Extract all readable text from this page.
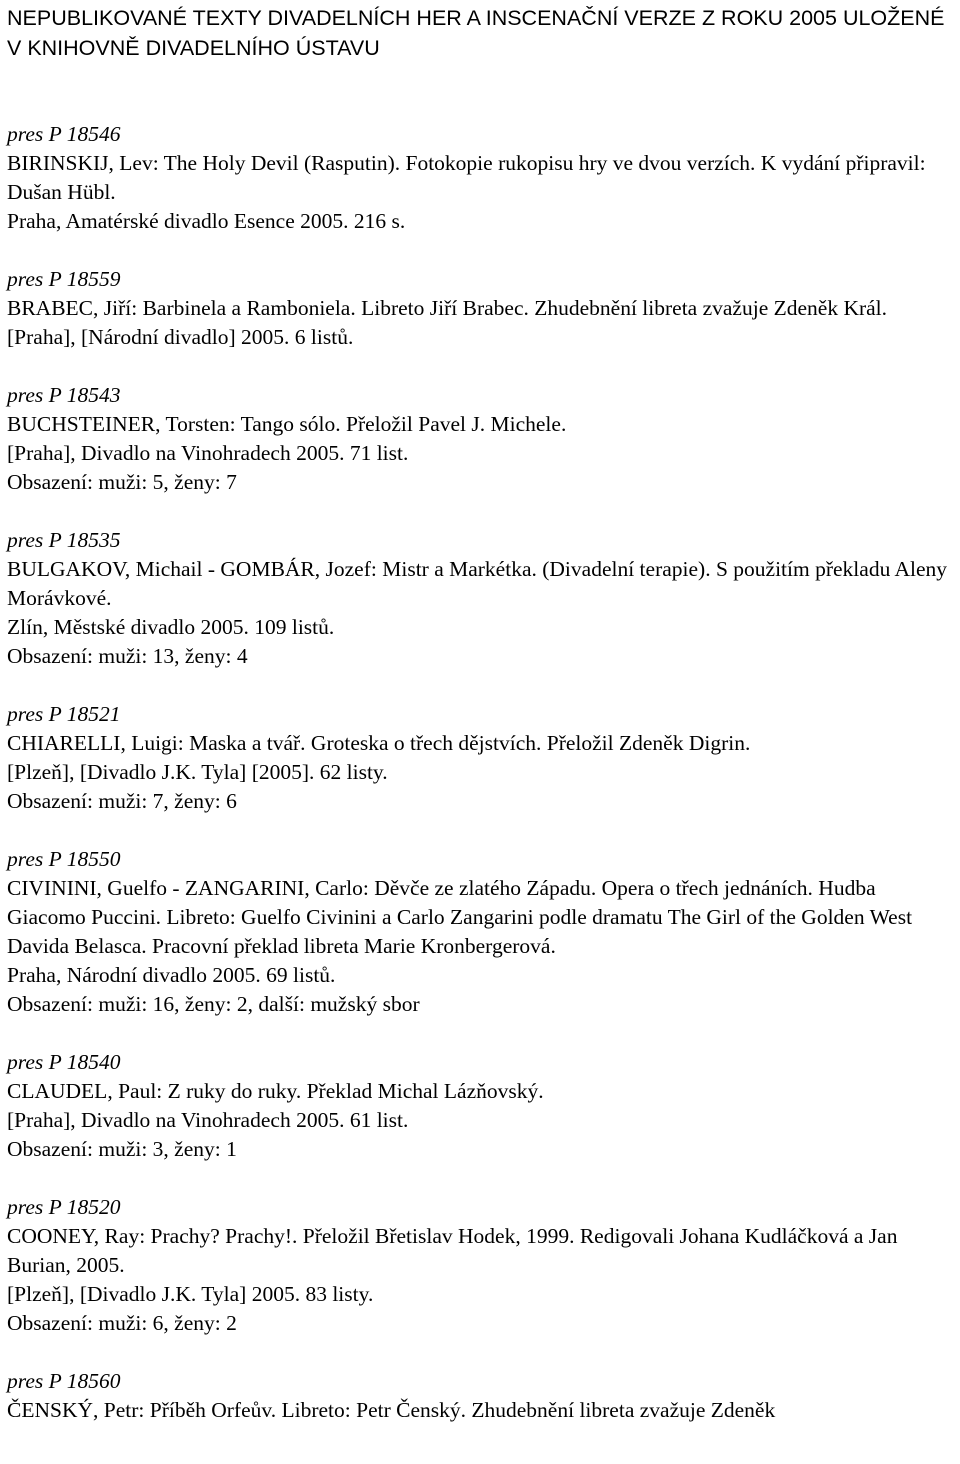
NEPUBLIKOVANÉ TEXTY DIVADELNÍCH HER A INSCENAČNÍ VERZE Z ROKU 2005 ULOŽENÉ V KNIHOVNĚ DIVADELNÍHO ÚSTAVU
pres P 18546
BIRINSKIJ, Lev: The Holy Devil (Rasputin). Fotokopie rukopisu hry ve dvou verzích. K vydání připravil: Dušan Hübl.
Praha, Amatérské divadlo Esence 2005. 216 s.
pres P 18559
BRABEC, Jiří: Barbinela a Ramboniela. Libreto Jiří Brabec. Zhudebnění libreta zvažuje Zdeněk Král.
[Praha], [Národní divadlo] 2005. 6 listů.
pres P 18543
BUCHSTEINER, Torsten: Tango sólo. Přeložil Pavel J. Michele.
[Praha], Divadlo na Vinohradech 2005. 71 list.
Obsazení: muži: 5, ženy: 7
pres P 18535
BULGAKOV, Michail - GOMBÁR, Jozef: Mistr a Markétka. (Divadelní terapie). S použitím překladu Aleny Morávkové.
Zlín, Městské divadlo 2005. 109 listů.
Obsazení: muži: 13, ženy: 4
pres P 18521
CHIARELLI, Luigi: Maska a tvář. Groteska o třech dějstvích. Přeložil Zdeněk Digrin.
[Plzeň], [Divadlo J.K. Tyla] [2005]. 62 listy.
Obsazení: muži: 7, ženy: 6
pres P 18550
CIVININI, Guelfo - ZANGARINI, Carlo: Děvče ze zlatého Západu. Opera o třech jednáních. Hudba Giacomo Puccini. Libreto: Guelfo Civinini a Carlo Zangarini podle dramatu The Girl of the Golden West Davida Belasca. Pracovní překlad libreta Marie Kronbergerová.
Praha, Národní divadlo 2005. 69 listů.
Obsazení: muži: 16, ženy: 2, další: mužský sbor
pres P 18540
CLAUDEL, Paul: Z ruky do ruky. Překlad Michal Lázňovský.
[Praha], Divadlo na Vinohradech 2005. 61 list.
Obsazení: muži: 3, ženy: 1
pres P 18520
COONEY, Ray: Prachy? Prachy!. Přeložil Břetislav Hodek, 1999. Redigovali Johana Kudláčková a Jan Burian, 2005.
[Plzeň], [Divadlo J.K. Tyla] 2005. 83 listy.
Obsazení: muži: 6, ženy: 2
pres P 18560
ČENSKÝ, Petr: Příběh Orfeův. Libreto: Petr Čenský. Zhudebnění libreta zvažuje Zdeněk
